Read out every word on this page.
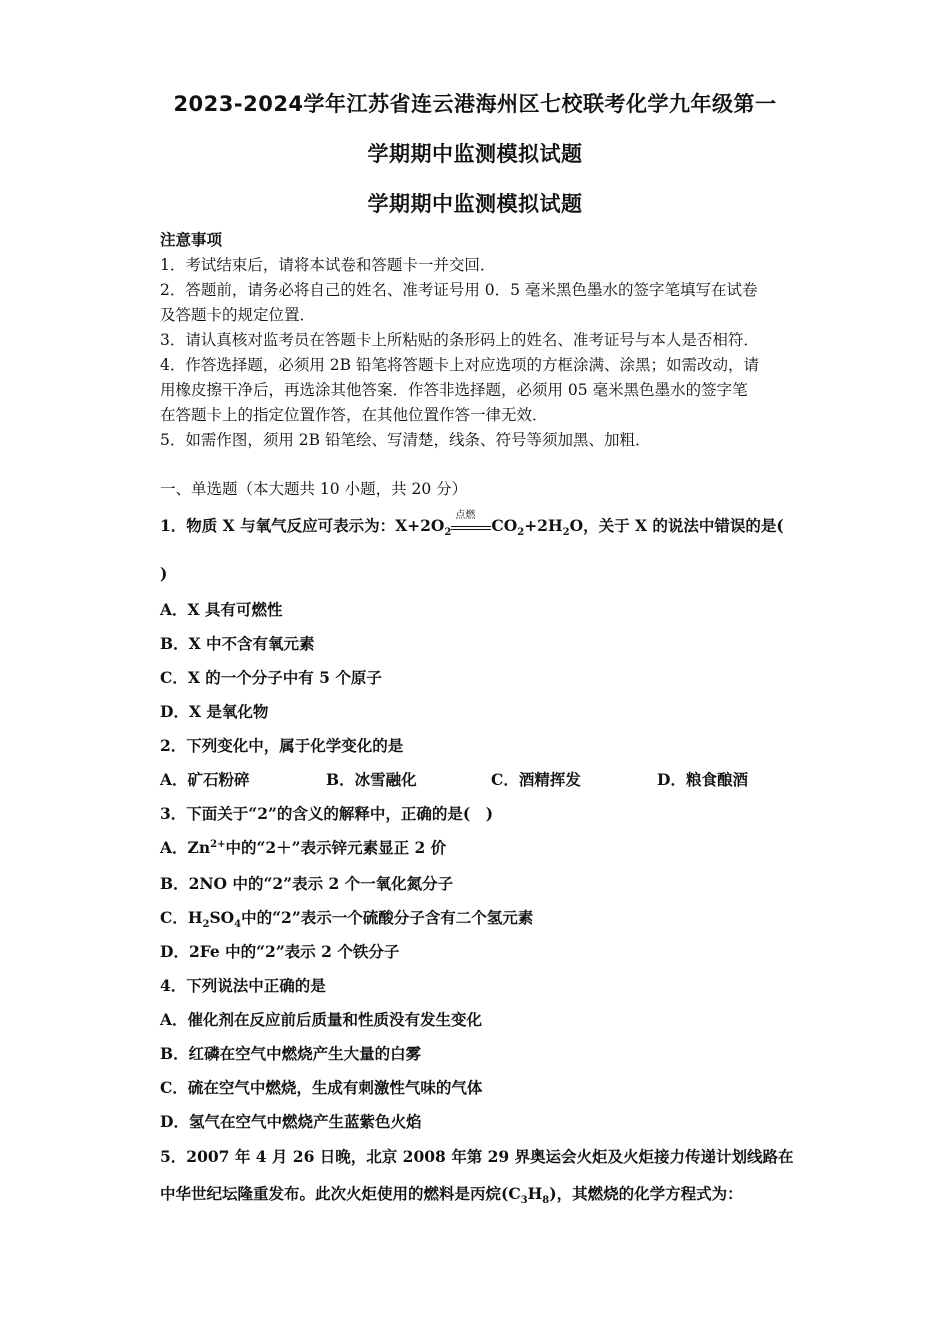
2023-2024学年江苏省连云港海州区七校联考化学九年级第一
学期期中监测模拟试题
学期期中监测模拟试题
注意事项
1．考试结束后，请将本试卷和答题卡一并交回．
2．答题前，请务必将自己的姓名、准考证号用 0．5 毫米黑色墨水的签字笔填写在试卷
及答题卡的规定位置．
3．请认真核对监考员在答题卡上所粘贴的条形码上的姓名、准考证号与本人是否相符．
4．作答选择题，必须用 2B 铅笔将答题卡上对应选项的方框涂满、涂黑；如需改动，请
用橡皮擦干净后，再选涂其他答案．作答非选择题，必须用 05 毫米黑色墨水的签字笔
在答题卡上的指定位置作答，在其他位置作答一律无效．
5．如需作图，须用 2B 铅笔绘、写清楚，线条、符号等须加黑、加粗．
一、单选题（本大题共 10 小题，共 20 分）
1．物质 X 与氧气反应可表示为：$X+2O_2$
点燃
$CO_2+2H_2O$，关于 X 的说法中错误的是(
)
A．X 具有可燃性
B．X 中不含有氧元素
C．X 的一个分子中有 5 个原子
D．X 是氧化物
2．下列变化中，属于化学变化的是
A．矿石粉碎	B．冰雪融化	C．酒精挥发	D．粮食酿酒
3．下面关于“2”的含义的解释中，正确的是(　)
A．$Zn^{2+}$中的“2＋”表示锌元素显正 2 价
B．2NO 中的“2”表示 2 个一氧化氮分子
C．$H_2SO_4$中的“2”表示一个硫酸分子含有二个氢元素
D．2Fe 中的“2”表示 2 个铁分子
4．下列说法中正确的是
A．催化剂在反应前后质量和性质没有发生变化
B．红磷在空气中燃烧产生大量的白雾
C．硫在空气中燃烧，生成有刺激性气味的气体
D．氢气在空气中燃烧产生蓝紫色火焰
5．2007 年 4 月 26 日晚，北京 2008 年第 29 界奥运会火炬及火炬接力传递计划线路在
中华世纪坛隆重发布。此次火炬使用的燃料是丙烷$(C_3H_8)$，其燃烧的化学方程式为：
